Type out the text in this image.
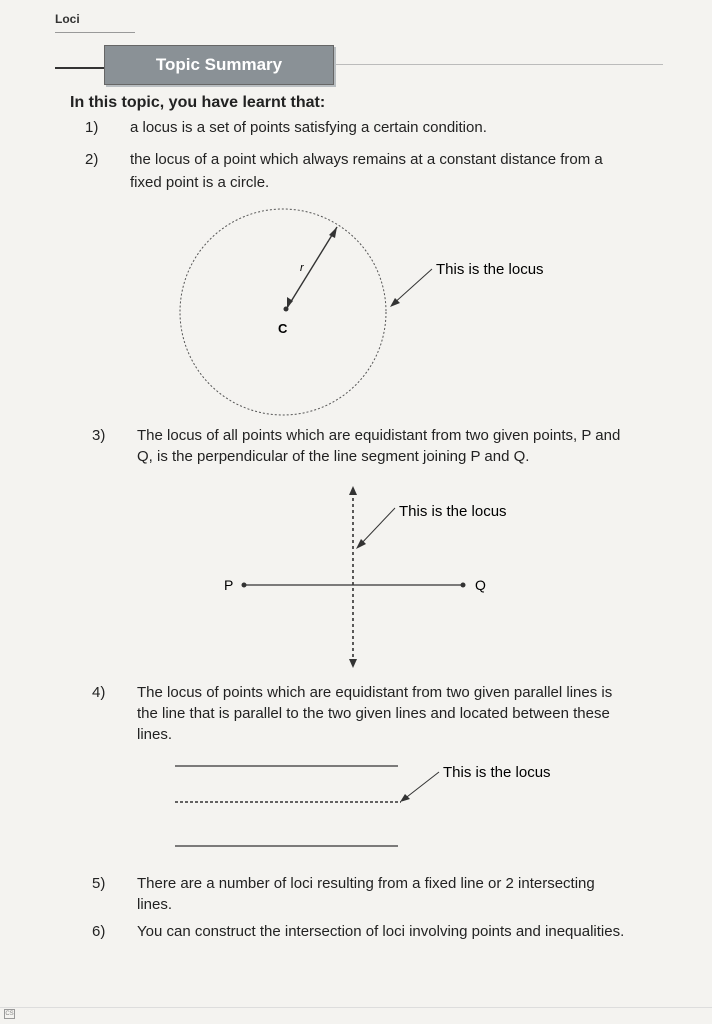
Loci
Topic Summary
In this topic, you have learnt that:
1) a locus is a set of points satisfying a certain condition.
2) the locus of a point which always remains at a constant distance from a
fixed point is a circle.
r
C
This is the locus
3) The locus of all points which are equidistant from two given points, P and
Q, is the perpendicular of the line segment joining P and Q.
P	Q
This is the locus
4) The locus of points which are equidistant from two given parallel lines is
the line that is parallel to the two given lines and located between these
lines.
This is the locus
5) There are a number of loci resulting from a fixed line or 2 intersecting
lines.
6) You can construct the intersection of loci involving points and inequalities.
CS
